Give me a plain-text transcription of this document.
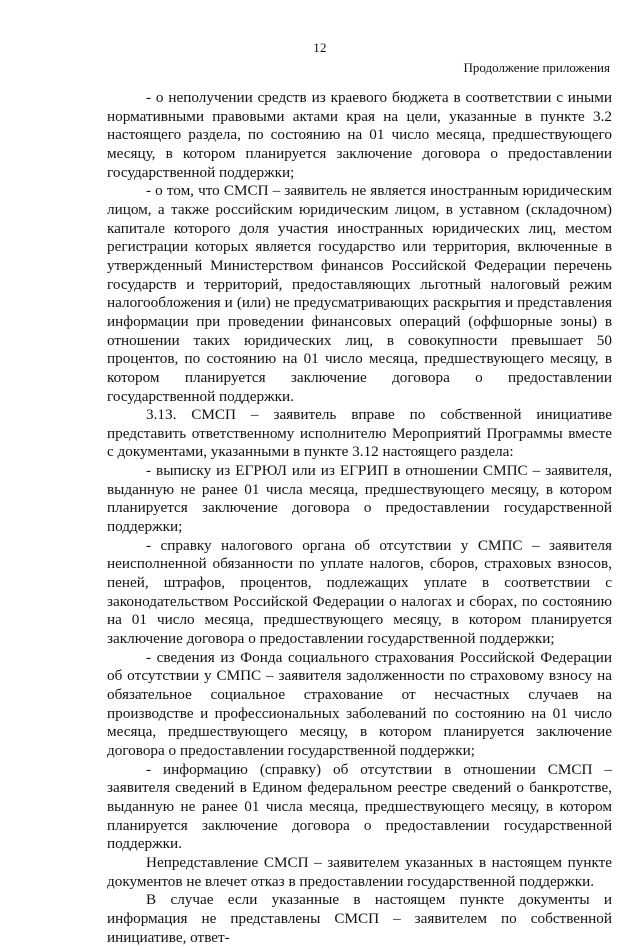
12
Продолжение приложения

- о неполучении средств из краевого бюджета в соответствии с иными нормативными правовыми актами края на цели, указанные в пункте 3.2 настоящего раздела, по состоянию на 01 число месяца, предшествующего месяцу, в котором планируется заключение договора о предоставлении государственной поддержки;

- о том, что СМСП – заявитель не является иностранным юридическим лицом, а также российским юридическим лицом, в уставном (складочном) капитале которого доля участия иностранных юридических лиц, местом регистрации которых является государство или территория, включенные в утвержденный Министерством финансов Российской Федерации перечень государств и территорий, предоставляющих льготный налоговый режим налогообложения и (или) не предусматривающих раскрытия и представления информации при проведении финансовых операций (оффшорные зоны) в отношении таких юридических лиц, в совокупности превышает 50 процентов, по состоянию на 01 число месяца, предшествующего месяцу, в котором планируется заключение договора о предоставлении государственной поддержки.

3.13. СМСП – заявитель вправе по собственной инициативе представить ответственному исполнителю Мероприятий Программы вместе с документами, указанными в пункте 3.12 настоящего раздела:

- выписку из ЕГРЮЛ или из ЕГРИП в отношении СМПС – заявителя, выданную не ранее 01 числа месяца, предшествующего месяцу, в котором планируется заключение договора о предоставлении государственной поддержки;

- справку налогового органа об отсутствии у СМПС – заявителя неисполненной обязанности по уплате налогов, сборов, страховых взносов, пеней, штрафов, процентов, подлежащих уплате в соответствии с законодательством Российской Федерации о налогах и сборах, по состоянию на 01 число месяца, предшествующего месяцу, в котором планируется заключение договора о предоставлении государственной поддержки;

- сведения из Фонда социального страхования Российской Федерации об отсутствии у СМПС – заявителя задолженности по страховому взносу на обязательное социальное страхование от несчастных случаев на производстве и профессиональных заболеваний по состоянию на 01 число месяца, предшествующего месяцу, в котором планируется заключение договора о предоставлении государственной поддержки;

- информацию (справку) об отсутствии в отношении СМСП – заявителя сведений в Едином федеральном реестре сведений о банкротстве, выданную не ранее 01 числа месяца, предшествующего месяцу, в котором планируется заключение договора о предоставлении государственной поддержки.

Непредставление СМСП – заявителем указанных в настоящем пункте документов не влечет отказ в предоставлении государственной поддержки.

В случае если указанные в настоящем пункте документы и информация не представлены СМСП – заявителем по собственной инициативе, ответ-
